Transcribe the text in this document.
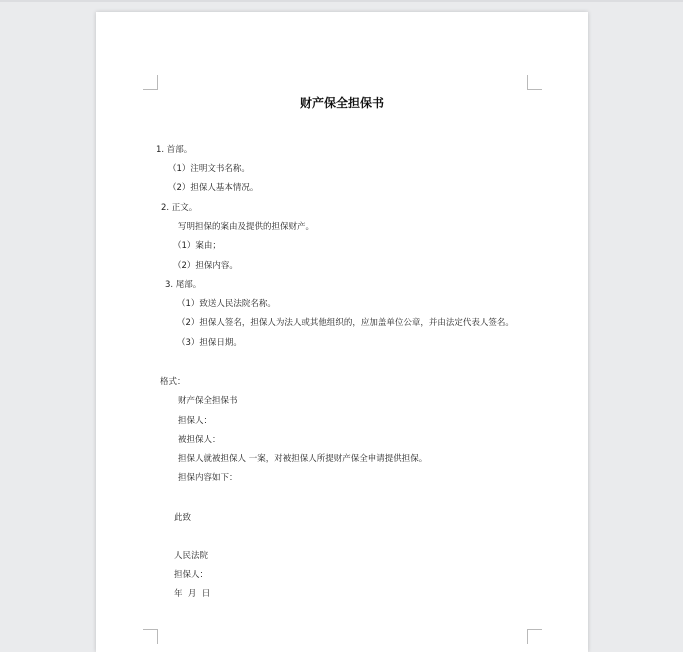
财产保全担保书
1. 首部。
（1）注明文书名称。
（2）担保人基本情况。
2. 正文。
写明担保的案由及提供的担保财产。
（1）案由；
（2）担保内容。
3. 尾部。
（1）致送人民法院名称。
（2）担保人签名，担保人为法人或其他组织的，应加盖单位公章，并由法定代表人签名。
（3）担保日期。
格式：
财产保全担保书
担保人：
被担保人：
担保人就被担保人 一案，对被担保人所提财产保全申请提供担保。
担保内容如下：
此致
人民法院
担保人：
年  月  日
